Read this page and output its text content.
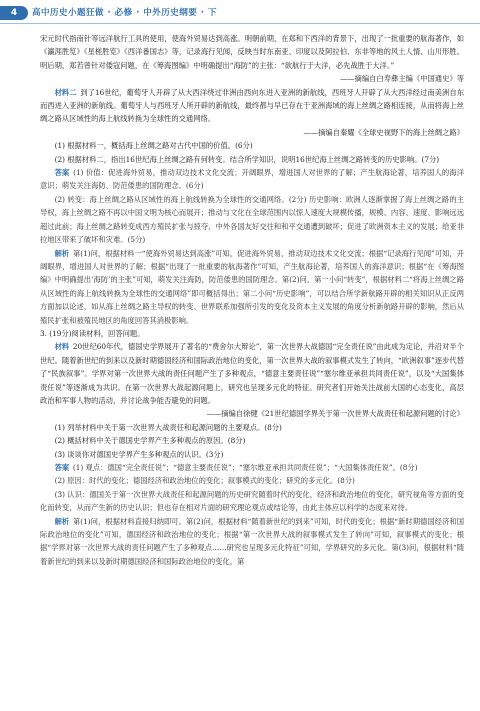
4	高中历史小题狂做 · 必修 · 中外历史纲要 · 下

宋元时代指南针等远洋航行工具的使用，使海外贸易达到高涨。明朝前期，在郑和下西洋的背景下，出现了一批重要的航海著作，如《瀛涯胜览》《星槎胜览》《西洋番国志》等，记录海行见闻，反映当时东南亚、印度以及阿拉伯、东非等地的风土人情、山川形胜。明后期，郑若曾针对倭寇问题，在《筹海图编》中明确提出“海防”的主张：“欲航行于大洋，必先战胜于大洋。”

——摘编自白寿彝主编《中国通史》等

材料二  到了16世纪，葡萄牙人开辟了从大西洋绕过非洲由西向东进入亚洲的新航线，西班牙人开辟了从大西洋经过南美洲自东而西进入亚洲的新航线。葡萄牙人与西班牙人所开辟的新航线，最终都与早已存在于亚洲海域的海上丝绸之路相连接，从而将海上丝绸之路从区域性的海上航线转换为全球性的交通网络。

——摘编自秦耀《全球史视野下的海上丝绸之路》

(1) 根据材料一，概括海上丝绸之路对古代中国的价值。(6分)

(2) 根据材料二，指出16世纪海上丝绸之路有何转变。结合所学知识，说明16世纪海上丝绸之路转变的历史影响。(7分)

答案  (1) 价值：促进海外贸易，推动双边技术文化交流；开阔眼界，增进国人对世界的了解；产生航海论著，培养国人的海洋意识；萌发关注海防、防范倭患的国防理念。(6分)

(2) 转变：海上丝绸之路从区域性的海上航线转换为全球性的交通网络。(2分) 历史影响：欧洲人逐渐掌握了海上丝绸之路的主导权，海上丝绸之路不再以中国文明为核心而展开；推动与文化在全球范围内以惊人速度大规模传播，规模、内容、速度、影响远远超过此前；海上丝绸之路转变成西方殖民扩张与掠夺、中外各国友好交往和和平交通遭到破坏；促进了欧洲资本主义的发展；给亚非拉地区带来了破坏和灾难。(5分)

解析  第(1)问，根据材料一“使海外贸易达到高涨”可知，促进海外贸易，推动双边技术文化交流；根据“记录海行见闻”可知，开阔眼界，增进国人对世界的了解；根据“出现了一批重要的航海著作”可知，产生航海论著，培养国人的海洋意识；根据“在《筹海图编》中明确提出‘海防’的主张”可知，萌发关注海防，防范倭患的国防理念。第(2)问，第一小问“转变”，根据材料二“将海上丝绸之路从区域性的海上航线转换为全球性的交通网络”即可概括得出；第二小问“历史影响”，可以结合所学新航路开辟的相关知识从正反两方面加以论述，如从海上丝绸之路主导权的转变、世界联系加强所引发的变化及资本主义发展的角度分析新航路开辟的影响，然后从殖民扩张和被殖民地区的角度回答其消极影响。

3. (19分)阅读材料，回答问题。

材料  20世纪60年代，德国史学界展开了著名的“费舍尔大辩论”，第一次世界大战德国“完全责任说”由此成为定论，并沿对半个世纪。随着新世纪的到来以及新时期德国经济和国际政治地位的变化，第一次世界大战的叙事模式发生了转向，“欧洲叙事”逐步代替了“民族叙事”。学界对第一次世界大战的责任问题产生了多种观点，“德意主要责任说”“塞尔维亚承担共同责任说”，以及“大国集体责任说”等逐渐成为共识。在第一次世界大战起源问题上，研究也呈现多元化的特征。研究者们开始关注战前大国的心态变化，高层政治和军事人物的活动，并讨论战争能否避免的问题。

——摘编自徐健《21世纪德国学界关于第一次世界大战责任和起源问题的讨论》

(1) 列举材料中关于第一次世界大战责任和起源问题的主要观点。(8分)

(2) 概括材料中关于德国史学界产生多种观点的原因。(8分)

(3) 谈谈你对德国史学界产生多种观点的认识。(3分)

答案  (1) 观点：德国“完全责任说”；“德意主要责任说”；“塞尔维亚承担共同责任说”；“大国集体责任说”。(8分)

(2) 原因：时代的变化；德国经济和政治地位的变化；叙事模式的变化；研究的多元化。(8分)

(3) 认识：德国关于第一次世界大战责任和起源问题的历史研究随着时代的变化，经济和政治地位的变化，研究视角等方面的变化而转变，从而产生新的历史认识；但也存在相对片面的研究理论观点或结论等，由此主体应以科学的态度来对待。

解析  第(1)问，根据材料直接归纳即可。第(2)问，根据材料“随着新世纪的到来”可知，时代的变化；根据“新时期德国经济和国际政治地位的变化”可知，德国经济和政治地位的变化；根据“第一次世界大战的叙事模式发生了转向”可知，叙事模式的变化；根据“学界对第一次世界大战的责任问题产生了多种观点……研究也呈现多元化特征”可知，学界研究的多元化。第(3)问，根据材料“随着新世纪的到来以及新时期德国经济和国际政治地位的变化，第
